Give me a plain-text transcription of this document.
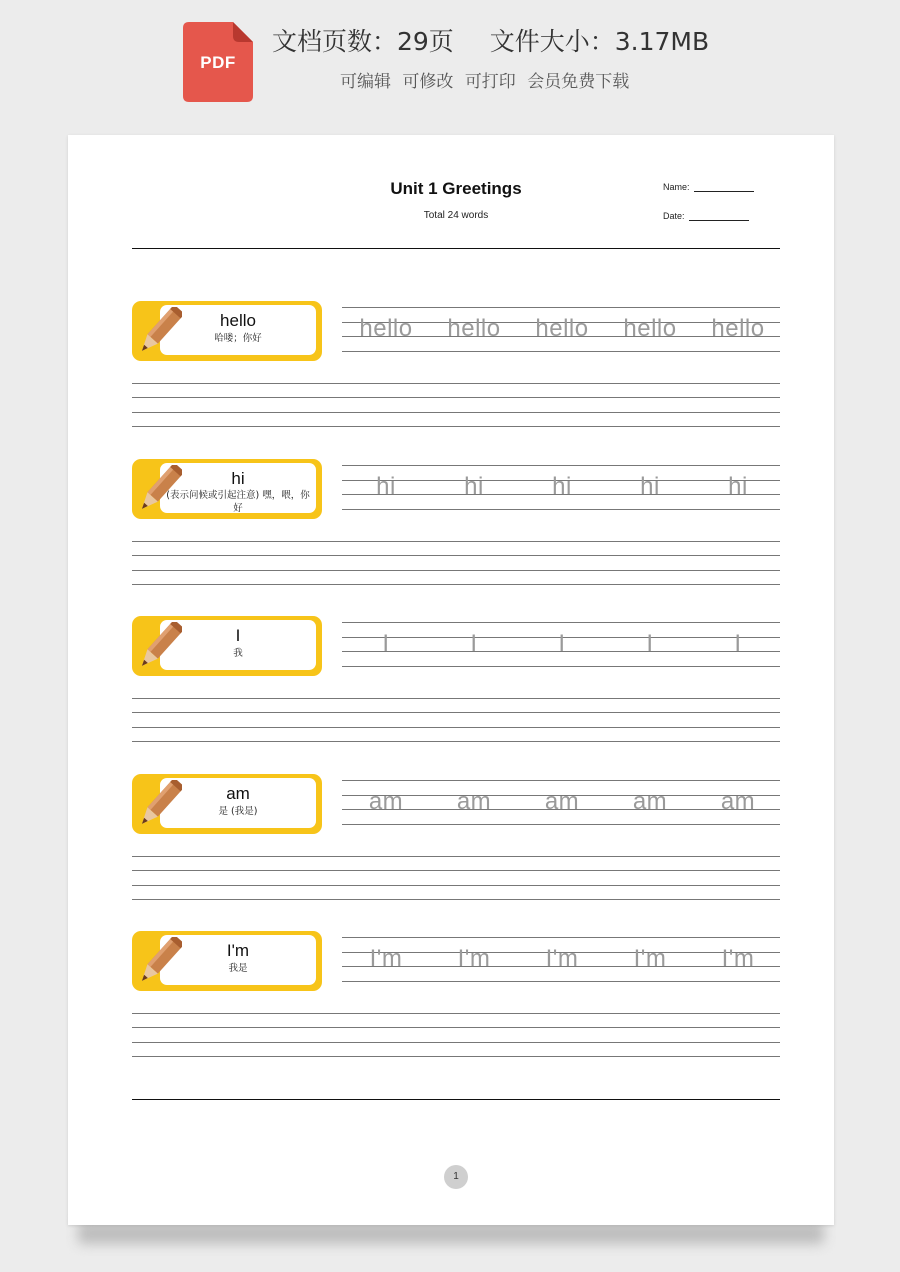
PDF
文档页数：29页 文件大小：3.17MB
可编辑 可修改 可打印 会员免费下载
Unit 1 Greetings
Total 24 words
Name:
Date:
hello
哈喽；你好	hello	hello	hello	hello	hello
hi
(表示问候或引起注意) 嘿，喂，你好
hi	hi	hi	hi	hi
I
我	I	I	I	I	I
am
是 (我是)	am	am	am	am	am
I'm
我是	I'm	I'm	I'm	I'm	I'm
1
